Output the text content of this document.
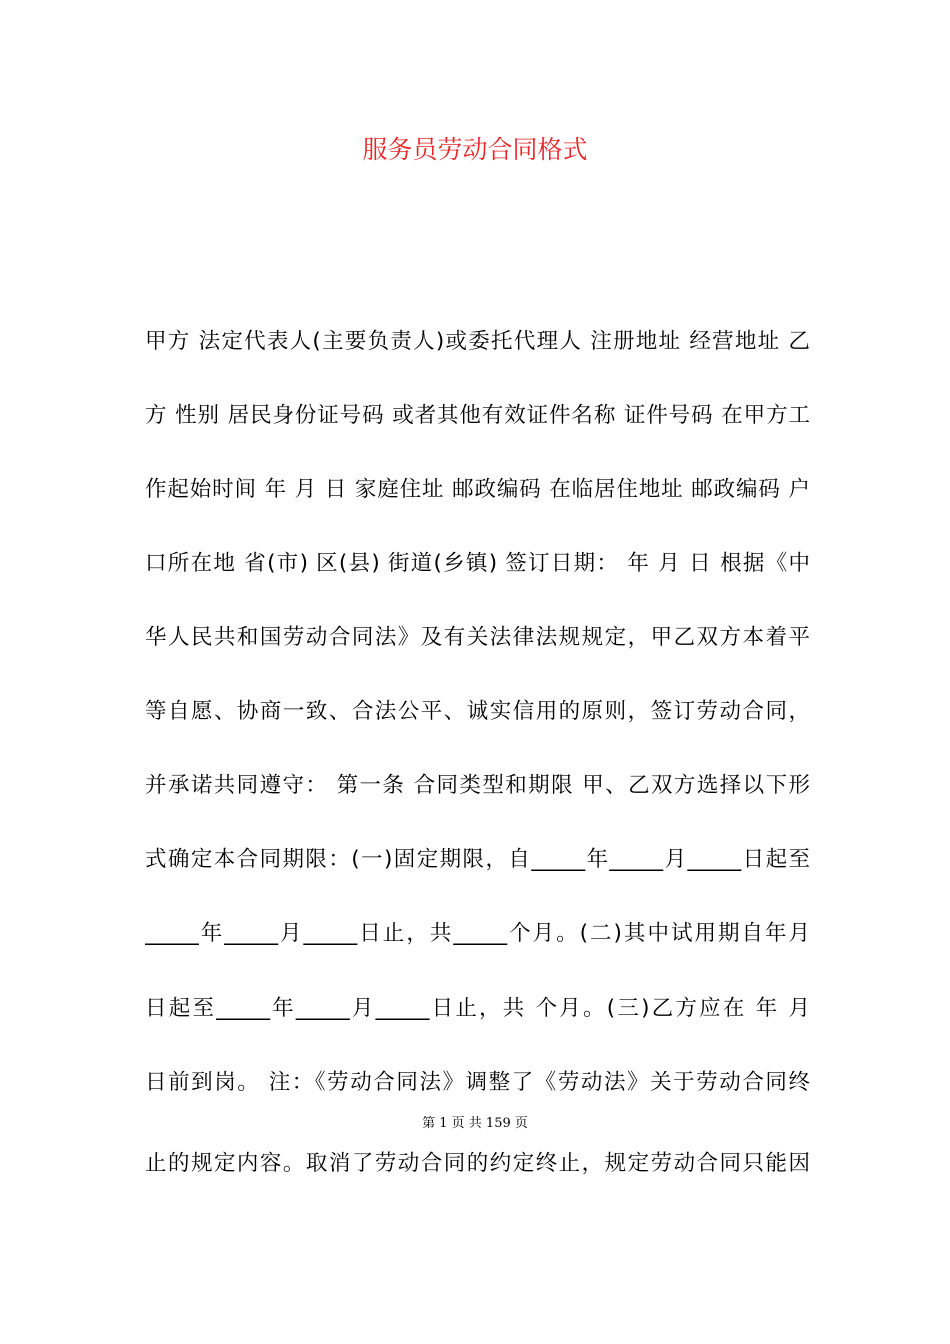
服务员劳动合同格式

甲方 法定代表人(主要负责人)或委托代理人 注册地址 经营地址 乙

方 性别 居民身份证号码 或者其他有效证件名称 证件号码 在甲方工

作起始时间 年 月 日 家庭住址 邮政编码 在临居住地址 邮政编码 户

口所在地 省(市) 区(县) 街道(乡镇) 签订日期： 年 月 日 根据《中

华人民共和国劳动合同法》及有关法律法规规定，甲乙双方本着平

等自愿、协商一致、合法公平、诚实信用的原则，签订劳动合同，

并承诺共同遵守： 第一条 合同类型和期限 甲、乙双方选择以下形

式确定本合同期限：(一)固定期限，自_____年_____月_____日起至

_____年_____月_____日止，共_____个月。(二)其中试用期自年月

日起至_____年_____月_____日止，共 个月。(三)乙方应在 年 月

日前到岗。 注：《劳动合同法》调整了《劳动法》关于劳动合同终

止的规定内容。取消了劳动合同的约定终止，规定劳动合同只能因

第 1 页 共 159 页
